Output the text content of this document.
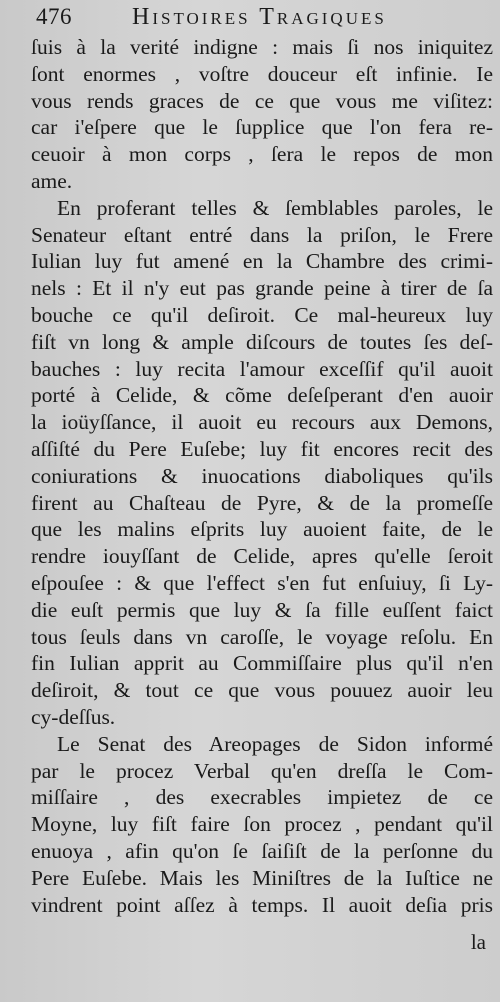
476	Histoires Tragiques
ſuis à la verité indigne : mais ſi nos iniquitez
ſont enormes , voſtre douceur eſt infinie. Ie
vous rends graces de ce que vous me viſitez:
car i'eſpere que le ſupplice que l'on fera re-
ceuoir à mon corps , ſera le repos de mon
ame.
En proferant telles & ſemblables paroles, le
Senateur eſtant entré dans la priſon, le Frere
Iulian luy fut amené en la Chambre des crimi-
nels : Et il n'y eut pas grande peine à tirer de ſa
bouche ce qu'il deſiroit. Ce mal-heureux luy
fiſt vn long & ample diſcours de toutes ſes deſ-
bauches : luy recita l'amour exceſſif qu'il auoit
porté à Celide, & cõme deſeſperant d'en auoir
la ioüyſſance, il auoit eu recours aux Demons,
aſſiſté du Pere Euſebe; luy fit encores recit des
coniurations & inuocations diaboliques qu'ils
firent au Chaſteau de Pyre, & de la promeſſe
que les malins eſprits luy auoient faite, de le
rendre iouyſſant de Celide, apres qu'elle ſeroit
eſpouſee : & que l'effect s'en fut enſuiuy, ſi Ly-
die euſt permis que luy & ſa fille euſſent faict
tous ſeuls dans vn caroſſe, le voyage reſolu. En
fin Iulian apprit au Commiſſaire plus qu'il n'en
deſiroit, & tout ce que vous pouuez auoir leu
cy-deſſus.
Le Senat des Areopages de Sidon informé
par le procez Verbal qu'en dreſſa le Com-
miſſaire , des execrables impietez de ce
Moyne, luy fiſt faire ſon procez , pendant qu'il
enuoya , afin qu'on ſe ſaiſiſt de la perſonne du
Pere Euſebe. Mais les Miniſtres de la Iuſtice ne
vindrent point aſſez à temps. Il auoit deſia pris
la
